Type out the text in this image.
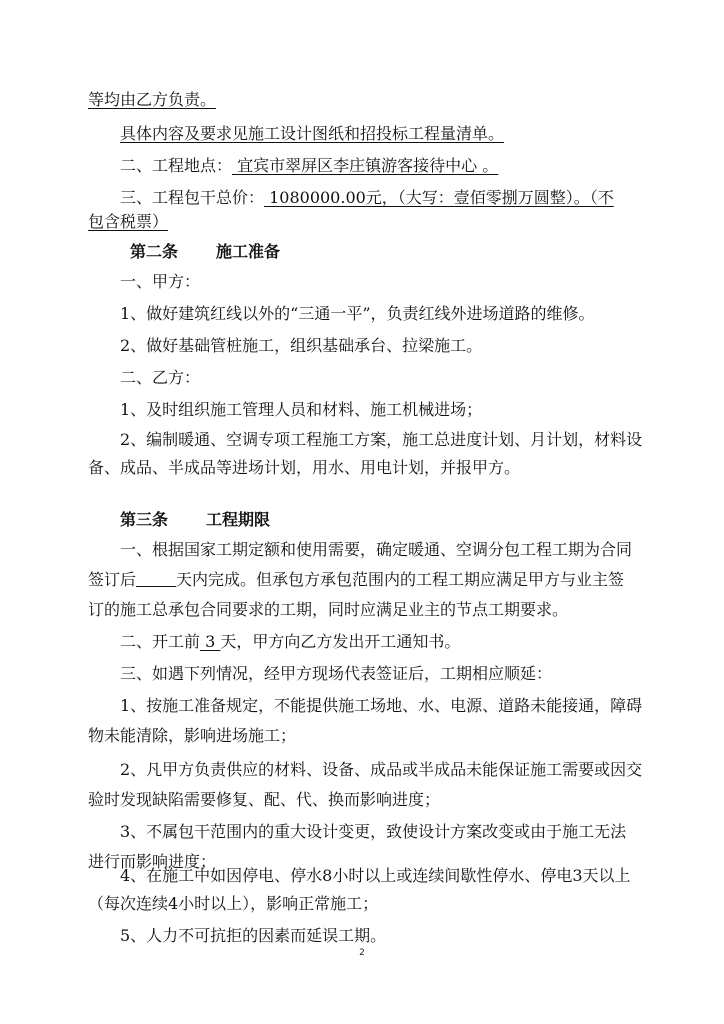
等均由乙方负责。
具体内容及要求见施工设计图纸和招投标工程量清单。
二、工程地点： 宜宾市翠屏区李庄镇游客接待中心 。
三、工程包干总价： 1080000.00元，（大写：壹佰零捌万圆整）。（不
包含税票）
第二条 施工准备
一、甲方：
1、做好建筑红线以外的“三通一平”，负责红线外进场道路的维修。
2、做好基础管桩施工，组织基础承台、拉梁施工。
二、乙方：
1、及时组织施工管理人员和材料、施工机械进场；
2、编制暖通、空调专项工程施工方案，施工总进度计划、月计划，材料设
备、成品、半成品等进场计划，用水、用电计划，并报甲方。
第三条 工程期限
一、根据国家工期定额和使用需要，确定暖通、空调分包工程工期为合同
签订后	天内完成。但承包方承包范围内的工程工期应满足甲方与业主签
订的施工总承包合同要求的工期，同时应满足业主的节点工期要求。
二、开工前 3 天，甲方向乙方发出开工通知书。
三、如遇下列情况，经甲方现场代表签证后，工期相应顺延：
1、按施工准备规定，不能提供施工场地、水、电源、道路未能接通，障碍
物未能清除，影响进场施工；
2、凡甲方负责供应的材料、设备、成品或半成品未能保证施工需要或因交
验时发现缺陷需要修复、配、代、换而影响进度；
3、不属包干范围内的重大设计变更，致使设计方案改变或由于施工无法
进行而影响进度；
4、在施工中如因停电、停水8小时以上或连续间歇性停水、停电3天以上
（每次连续4小时以上），影响正常施工；
5、人力不可抗拒的因素而延误工期。
2
